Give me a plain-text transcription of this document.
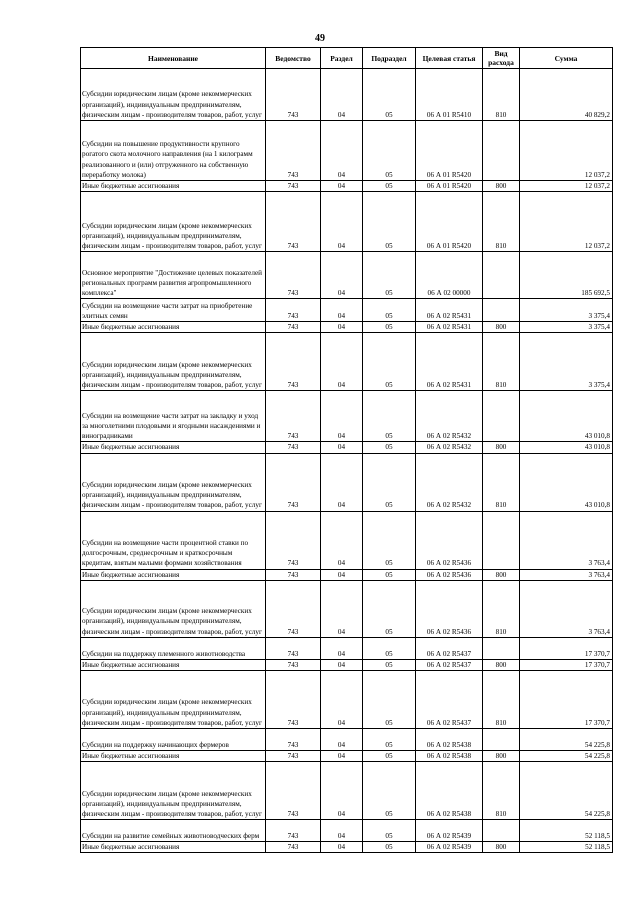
49
Наименование	Ведомство	Раздел	Подраздел	Целевая статья	Вид расхода	Сумма
Субсидии юридическим лицам (кроме некоммерческих организаций), индивидуальным предпринимателям, физическим лицам - производителям товаров, работ, услуг	743	04	05	06 А 01 R5410	810	40 829,2
Субсидии на повышение продуктивности крупного рогатого скота молочного направления (на 1 килограмм реализованного и (или) отгруженного на собственную переработку молока)	743	04	05	06 А 01 R5420		12 037,2
Иные бюджетные ассигнования	743	04	05	06 А 01 R5420	800	12 037,2
Субсидии юридическим лицам (кроме некоммерческих организаций), индивидуальным предпринимателям, физическим лицам - производителям товаров, работ, услуг	743	04	05	06 А 01 R5420	810	12 037,2
Основное мероприятие "Достижение целевых показателей региональных программ развития агропромышленного комплекса"	743	04	05	06 А 02 00000		185 692,5
Субсидии на возмещение части затрат на приобретение элитных семян	743	04	05	06 А 02 R5431		3 375,4
Иные бюджетные ассигнования	743	04	05	06 А 02 R5431	800	3 375,4
Субсидии юридическим лицам (кроме некоммерческих организаций), индивидуальным предпринимателям, физическим лицам - производителям товаров, работ, услуг	743	04	05	06 А 02 R5431	810	3 375,4
Субсидии на возмещение части затрат на закладку и уход за многолетними плодовыми и ягодными насаждениями и виноградниками	743	04	05	06 А 02 R5432		43 010,8
Иные бюджетные ассигнования	743	04	05	06 А 02 R5432	800	43 010,8
Субсидии юридическим лицам (кроме некоммерческих организаций), индивидуальным предпринимателям, физическим лицам - производителям товаров, работ, услуг	743	04	05	06 А 02 R5432	810	43 010,8
Субсидии на возмещение части процентной ставки по долгосрочным, среднесрочным и краткосрочным кредитам, взятым малыми формами хозяйствования	743	04	05	06 А 02 R5436		3 763,4
Иные бюджетные ассигнования	743	04	05	06 А 02 R5436	800	3 763,4
Субсидии юридическим лицам (кроме некоммерческих организаций), индивидуальным предпринимателям, физическим лицам - производителям товаров, работ, услуг	743	04	05	06 А 02 R5436	810	3 763,4
Субсидии на поддержку племенного животноводства	743	04	05	06 А 02 R5437		17 370,7
Иные бюджетные ассигнования	743	04	05	06 А 02 R5437	800	17 370,7
Субсидии юридическим лицам (кроме некоммерческих организаций), индивидуальным предпринимателям, физическим лицам - производителям товаров, работ, услуг	743	04	05	06 А 02 R5437	810	17 370,7
Субсидии на поддержку начинающих фермеров	743	04	05	06 А 02 R5438		54 225,8
Иные бюджетные ассигнования	743	04	05	06 А 02 R5438	800	54 225,8
Субсидии юридическим лицам (кроме некоммерческих организаций), индивидуальным предпринимателям, физическим лицам - производителям товаров, работ, услуг	743	04	05	06 А 02 R5438	810	54 225,8
Субсидии на развитие семейных животноводческих ферм	743	04	05	06 А 02 R5439		52 118,5
Иные бюджетные ассигнования	743	04	05	06 А 02 R5439	800	52 118,5
